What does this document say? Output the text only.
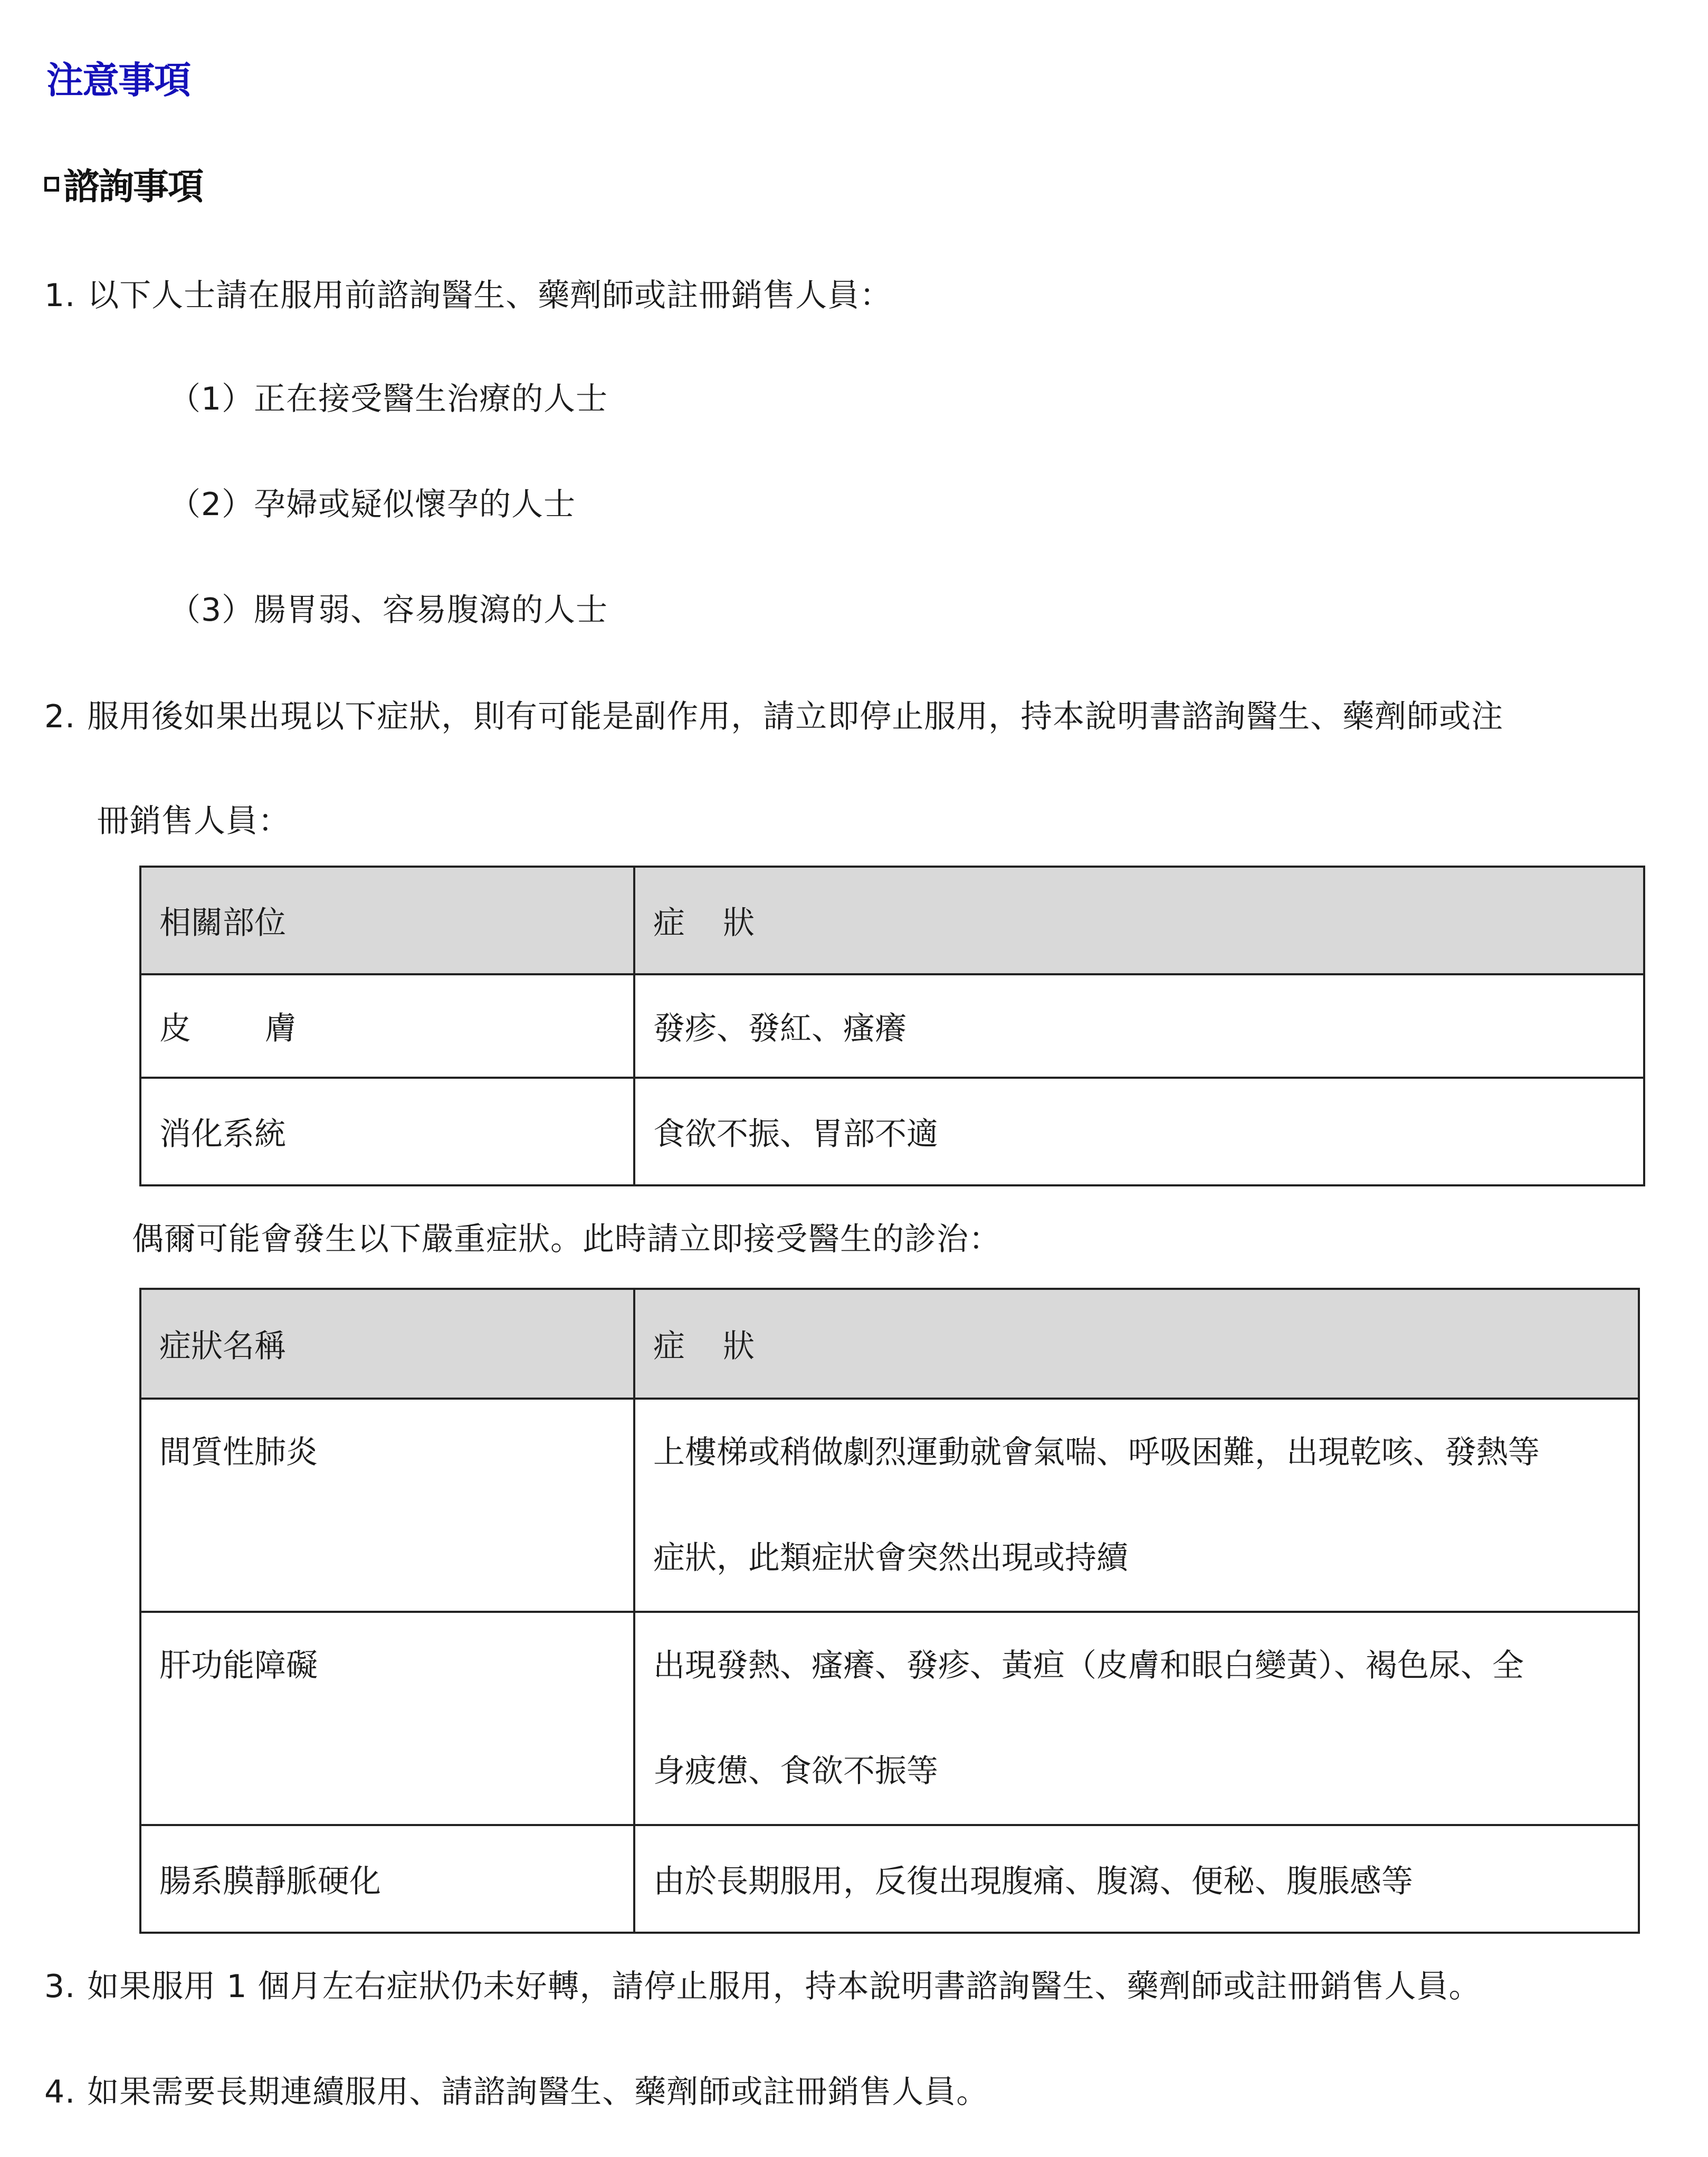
注意事項
諮詢事項
1. 以下人士請在服用前諮詢醫生、藥劑師或註冊銷售人員：
（1）正在接受醫生治療的人士
（2）孕婦或疑似懷孕的人士
（3）腸胃弱、容易腹瀉的人士
2. 服用後如果出現以下症狀，則有可能是副作用，請立即停止服用，持本說明書諮詢醫生、藥劑師或注
冊銷售人員：
相關部位	症狀
皮膚	發疹、發紅、瘙癢
消化系統	食欲不振、胃部不適
偶爾可能會發生以下嚴重症狀。此時請立即接受醫生的診治：
症狀名稱	症狀

間質性肺炎	上樓梯或稍做劇烈運動就會氣喘、呼吸困難，出現乾咳、發熱等
症狀，此類症狀會突然出現或持續

肝功能障礙	出現發熱、瘙癢、發疹、黃疸（皮膚和眼白變黃）、褐色尿、全
身疲憊、食欲不振等

腸系膜靜脈硬化	由於長期服用，反復出現腹痛、腹瀉、便秘、腹脹感等
3. 如果服用 1 個月左右症狀仍未好轉，請停止服用，持本說明書諮詢醫生、藥劑師或註冊銷售人員。
4. 如果需要長期連續服用、請諮詢醫生、藥劑師或註冊銷售人員。
